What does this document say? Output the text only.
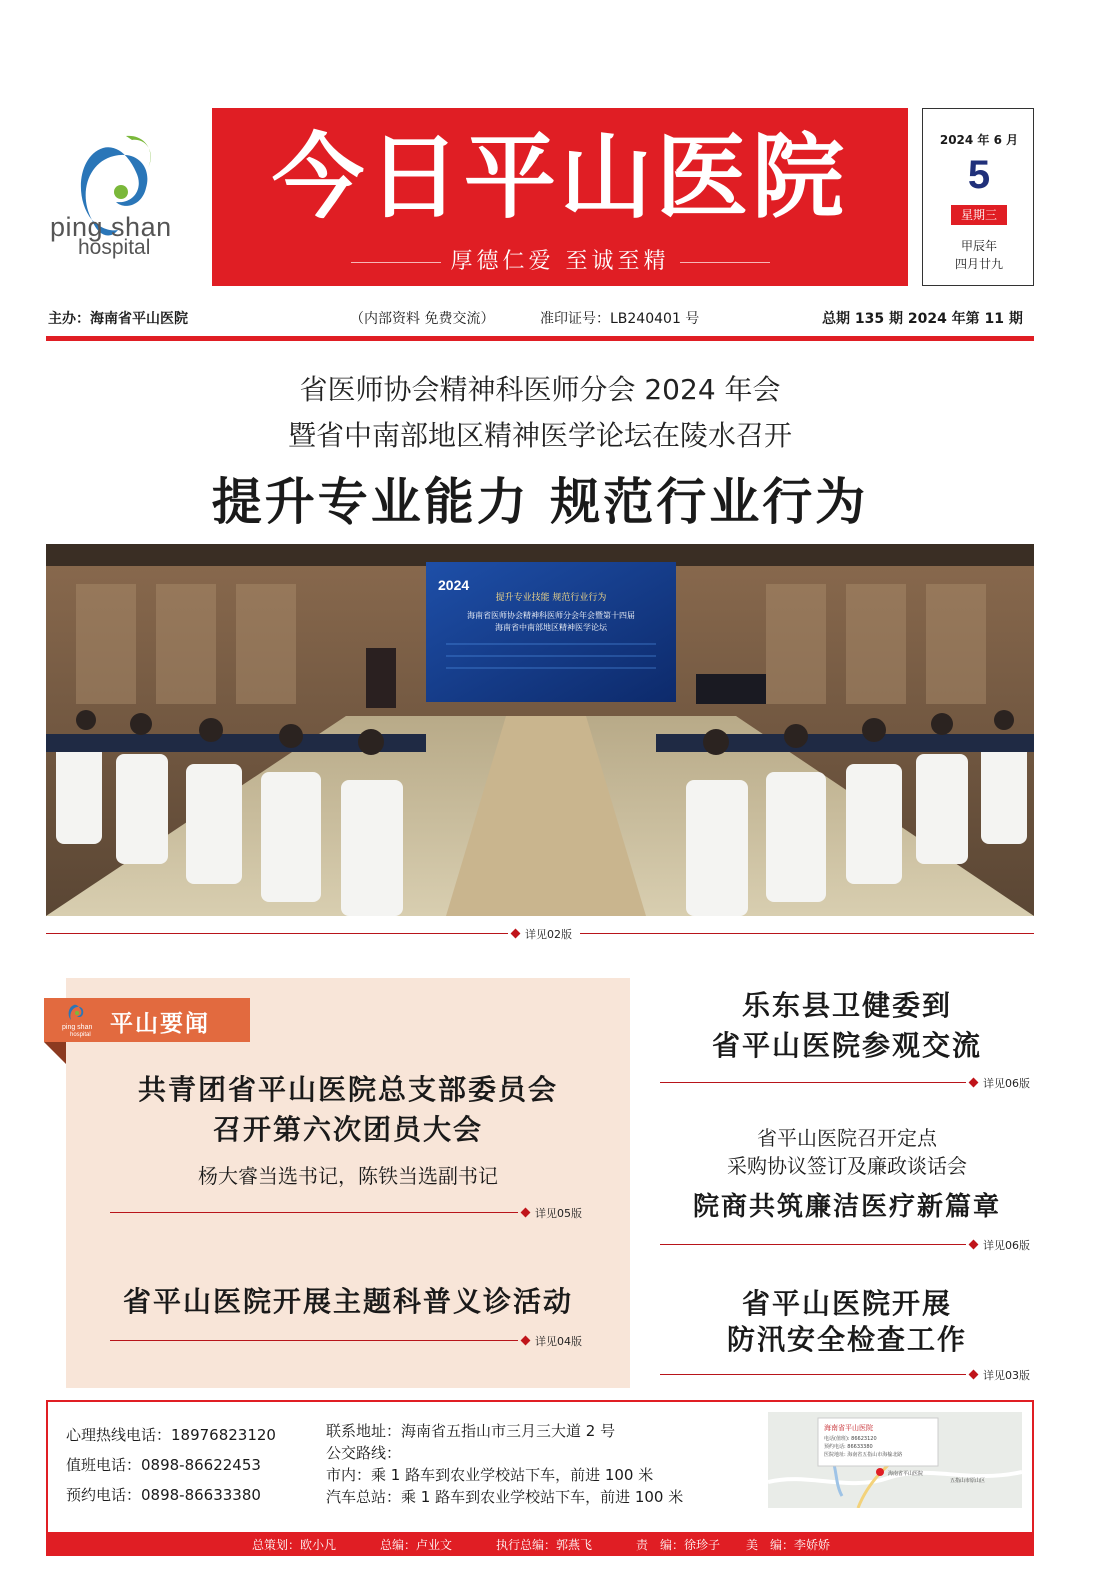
ping shan
hospital
今日平山医院
厚德仁爱 至诚至精
2024 年 6 月
5
星期三
甲辰年
四月廿九
主办：海南省平山医院	（内部资料 免费交流）	准印证号：LB240401 号	总期 135 期 2024 年第 11 期
省医师协会精神科医师分会 2024 年会
暨省中南部地区精神医学论坛在陵水召开
提升专业能力 规范行业行为
2024
提升专业技能 规范行业行为
海南省医师协会精神科医师分会年会暨第十四届
海南省中南部地区精神医学论坛
详见02版
ping shan
hospital 平山要闻
共青团省平山医院总支部委员会
召开第六次团员大会
杨大睿当选书记，陈铁当选副书记
详见05版
省平山医院开展主题科普义诊活动
详见04版
乐东县卫健委到
省平山医院参观交流
详见06版
省平山医院召开定点
采购协议签订及廉政谈话会
院商共筑廉洁医疗新篇章
详见06版
省平山医院开展
防汛安全检查工作
详见03版
心理热线电话：18976823120
值班电话：0898-86622453
预约电话：0898-86633380
联系地址：海南省五指山市三月三大道 2 号
公交路线：
市内：乘 1 路车到农业学校站下车，前进 100 米
汽车总站：乘 1 路车到农业学校站下车，前进 100 米
海南省平山医院
电话(值班): 86623120
预约电话: 86633380
医院地址: 海南省五指山市海榆北路
海南省平山医院
五指山市原山区
总策划：欧小凡	总编：卢业文	执行总编：郭燕飞	责　编：徐珍子 美　编：李娇娇
